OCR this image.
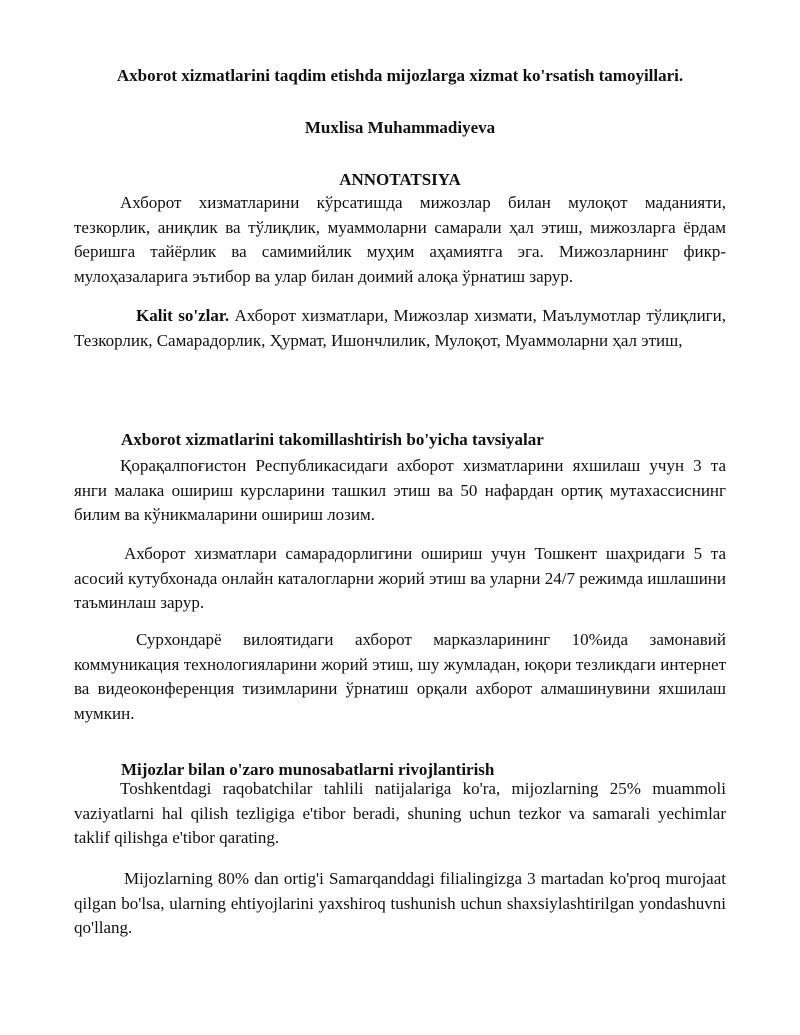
Axborot xizmatlarini taqdim etishda mijozlarga xizmat ko'rsatish tamoyillari.
Muxlisa Muhammadiyeva
ANNOTATSIYA

Ахборот хизматларини кўрсатишда мижозлар билан мулоқот маданияти, тезкорлик, аниқлик ва тўлиқлик, муаммоларни самарали ҳал этиш, мижозларга ёрдам беришга тайёрлик ва самимийлик муҳим аҳамиятга эга. Мижозларнинг фикр-мулоҳазаларига эътибор ва улар билан доимий алоқа ўрнатиш зарур.

Kalit so'zlar. Ахборот хизматлари, Мижозлар хизмати, Маълумотлар тўлиқлиги, Тезкорлик, Самарадорлик, Ҳурмат, Ишончлилик, Мулоқот, Муаммоларни ҳал этиш,

Axborot xizmatlarini takomillashtirish bo'yicha tavsiyalar

Қорақалпоғистон Республикасидаги ахборот хизматларини яхшилаш учун 3 та янги малака ошириш курсларини ташкил этиш ва 50 нафардан ортиқ мутахассиснинг билим ва кўникмаларини ошириш лозим.

Ахборот хизматлари самарадорлигини ошириш учун Тошкент шаҳридаги 5 та асосий кутубхонада онлайн каталогларни жорий этиш ва уларни 24/7 режимда ишлашини таъминлаш зарур.

Сурхондарё вилоятидаги ахборот марказларининг 10%ида замонавий коммуникация технологияларини жорий этиш, шу жумладан, юқори тезликдаги интернет ва видеоконференция тизимларини ўрнатиш орқали ахборот алмашинувини яхшилаш мумкин.

Mijozlar bilan o'zaro munosabatlarni rivojlantirish

Toshkentdagi raqobatchilar tahlili natijalariga ko'ra, mijozlarning 25% muammoli vaziyatlarni hal qilish tezligiga e'tibor beradi, shuning uchun tezkor va samarali yechimlar taklif qilishga e'tibor qarating.

Mijozlarning 80% dan ortig'i Samarqanddagi filialingizga 3 martadan ko'proq murojaat qilgan bo'lsa, ularning ehtiyojlarini yaxshiroq tushunish uchun shaxsiylashtirilgan yondashuvni qo'llang.
